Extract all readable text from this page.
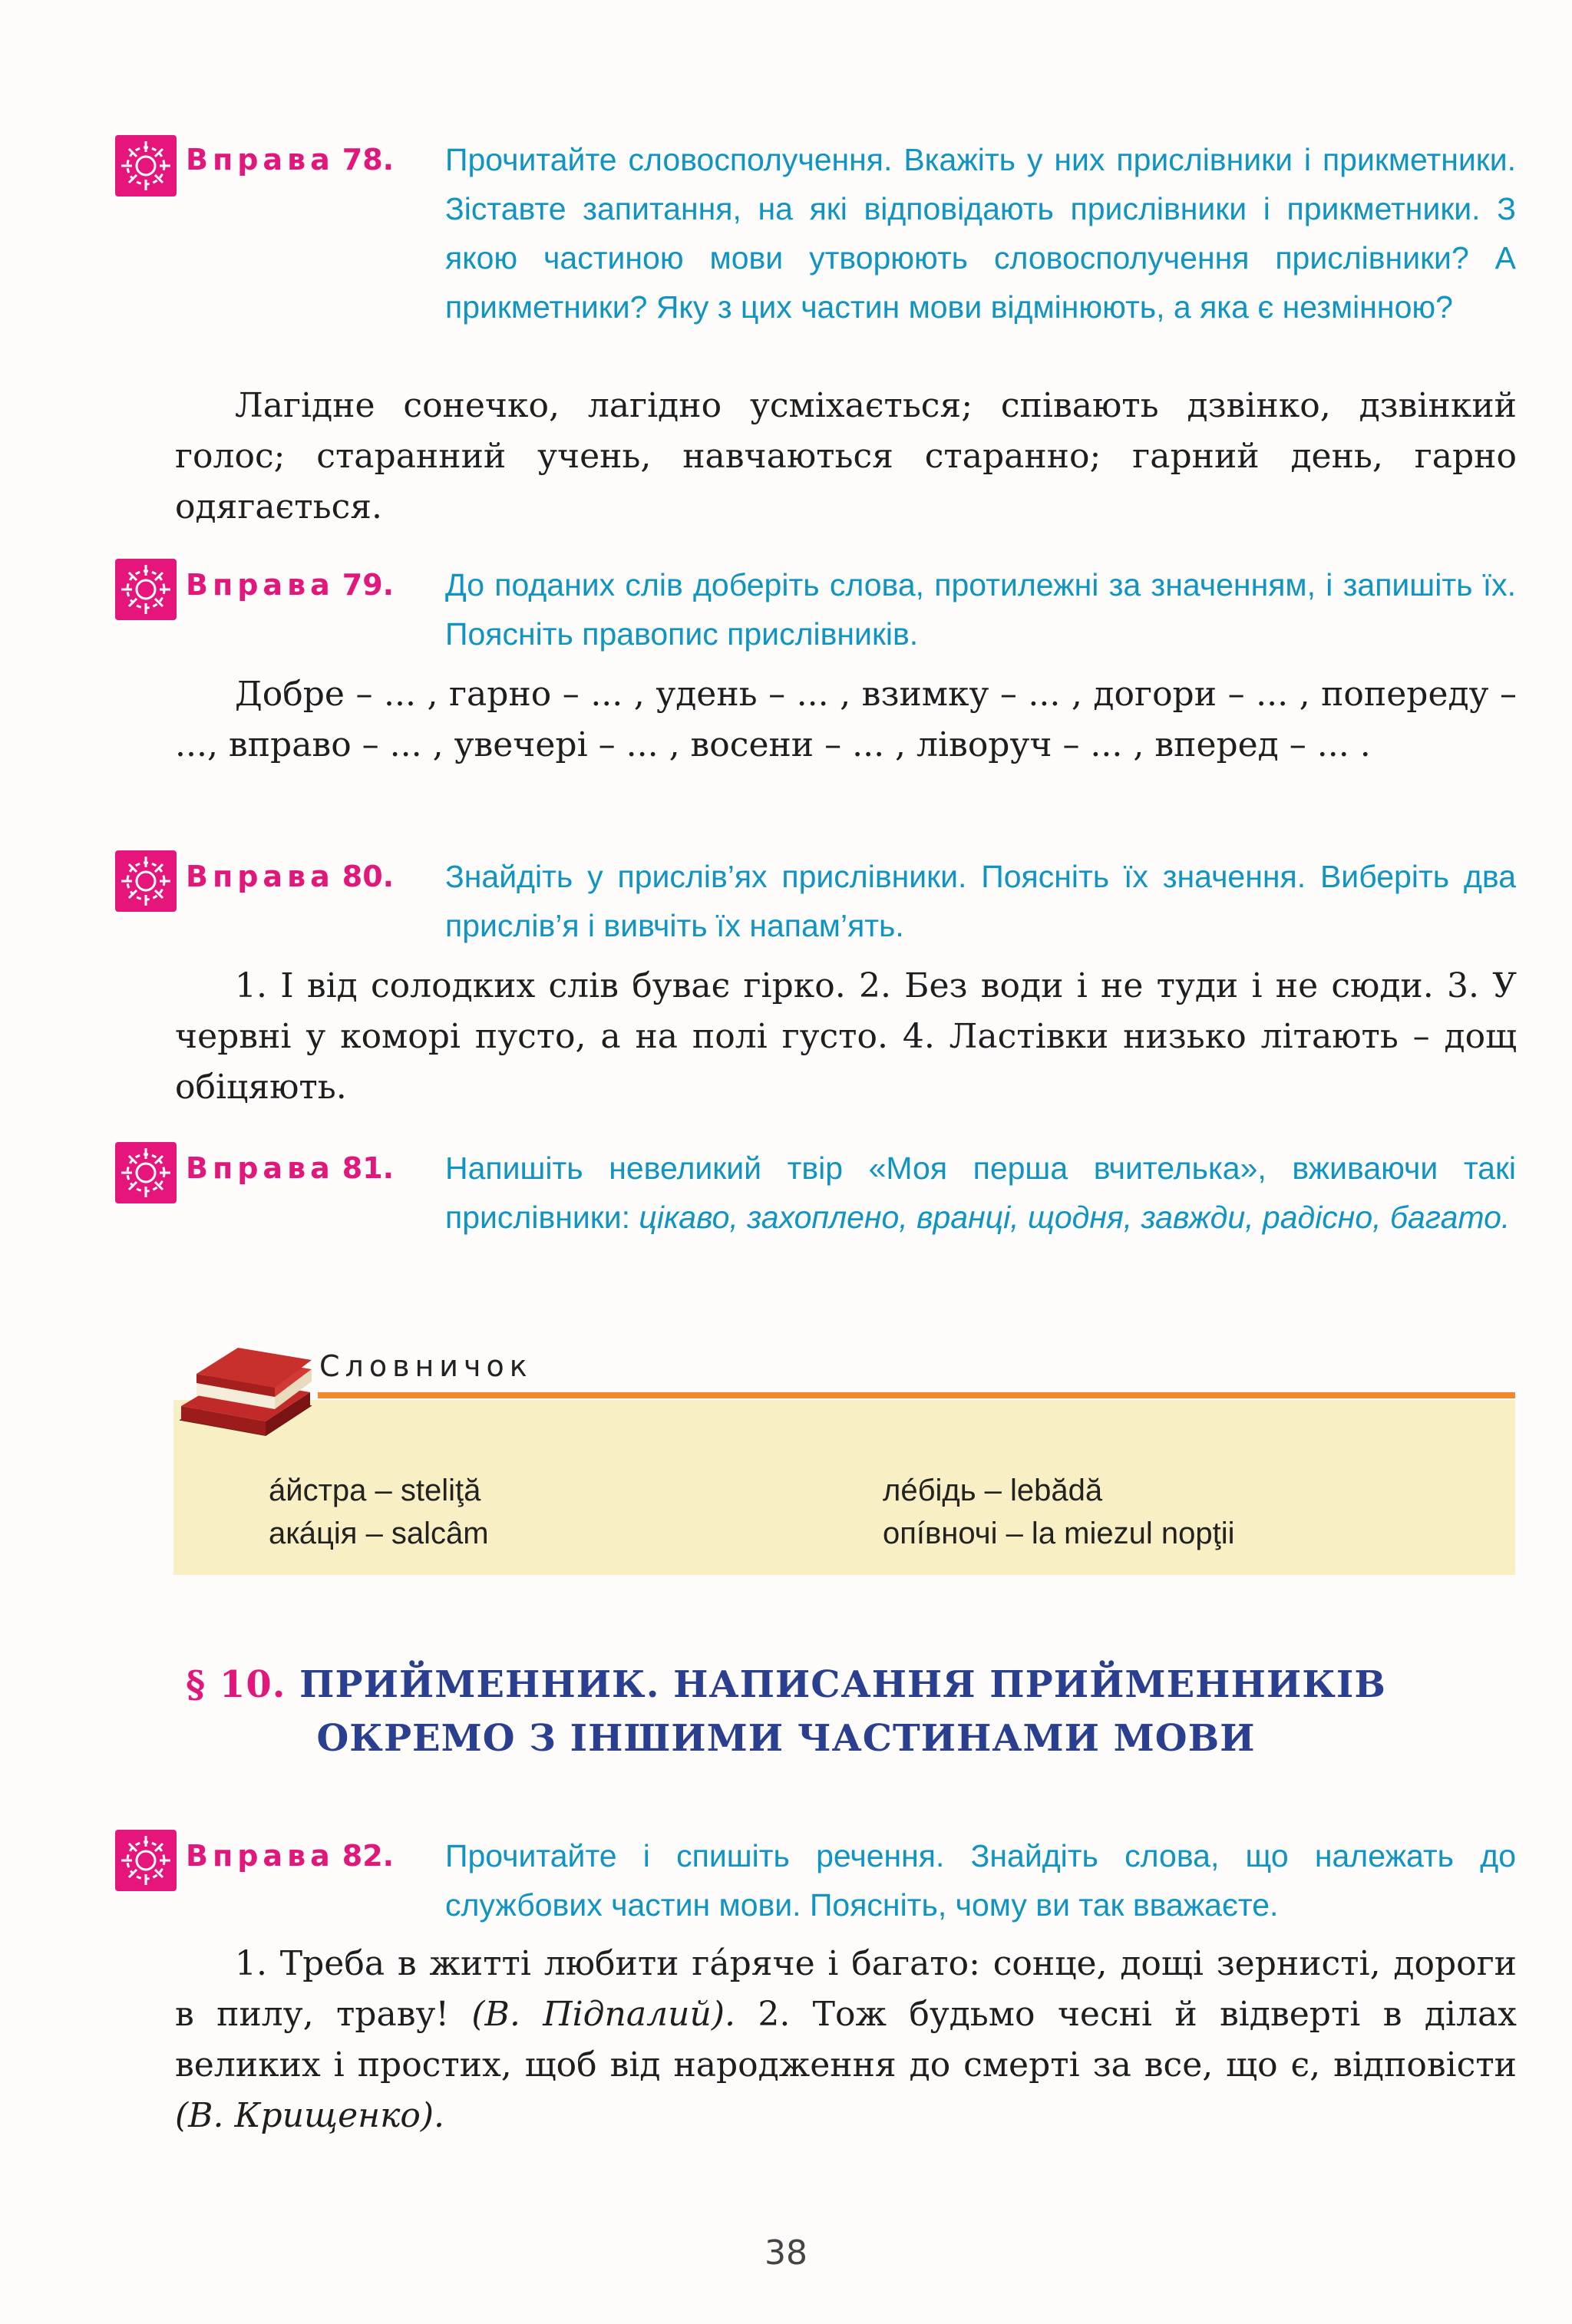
Вправа 78. Прочитайте словосполучення. Вкажіть у них прислівники і прикметники. Зіставте запитання, на які відповідають прислівники і прикметники. З якою частиною мови утворюють словосполучення прислівники? А прикметники? Яку з цих частин мови відмінюють, а яка є незмінною?
Лагідне сонечко, лагідно усміхається; співають дзвінко, дзвінкий голос; старанний учень, навчаються старанно; гарний день, гарно одягається.
Вправа 79. До поданих слів доберіть слова, протилежні за значенням, і запишіть їх. Поясніть правопис прислівників.
Добре – ... , гарно – ... , удень – ... , взимку – ... , догори – ... , попереду – ..., вправо – ... , увечері – ... , восени – ... , ліворуч – ... , вперед – ... .
Вправа 80. Знайдіть у прислів’ях прислівники. Поясніть їх значення. Виберіть два прислів’я і вивчіть їх напам’ять.
1. І від солодких слів буває гірко. 2. Без води і не туди і не сюди. 3. У червні у коморі пусто, а на полі густо. 4. Ластівки низько літають – дощ обіцяють.
Вправа 81. Напишіть невеликий твір «Моя перша вчителька», вживаючи такі прислівники: цікаво, захоплено, вранці, щодня, завжди, радісно, багато.
Словничок
áйстра – steliţă
акáція – salcâm
лéбідь – lebădă
опíвночі – la miezul nopţii
§ 10. ПРИЙМЕННИК. НАПИСАННЯ ПРИЙМЕННИКІВ
ОКРЕМО З ІНШИМИ ЧАСТИНАМИ МОВИ
Вправа 82. Прочитайте і спишіть речення. Знайдіть слова, що належать до службових частин мови. Поясніть, чому ви так вважаєте.
1. Треба в житті любити гáряче і багато: сонце, дощі зернисті, дороги в пилу, траву! (В. Підпалий). 2. Тож будьмо чесні й відверті в ділах великих і простих, щоб від народження до смерті за все, що є, відповісти (В. Крищенко).
38
